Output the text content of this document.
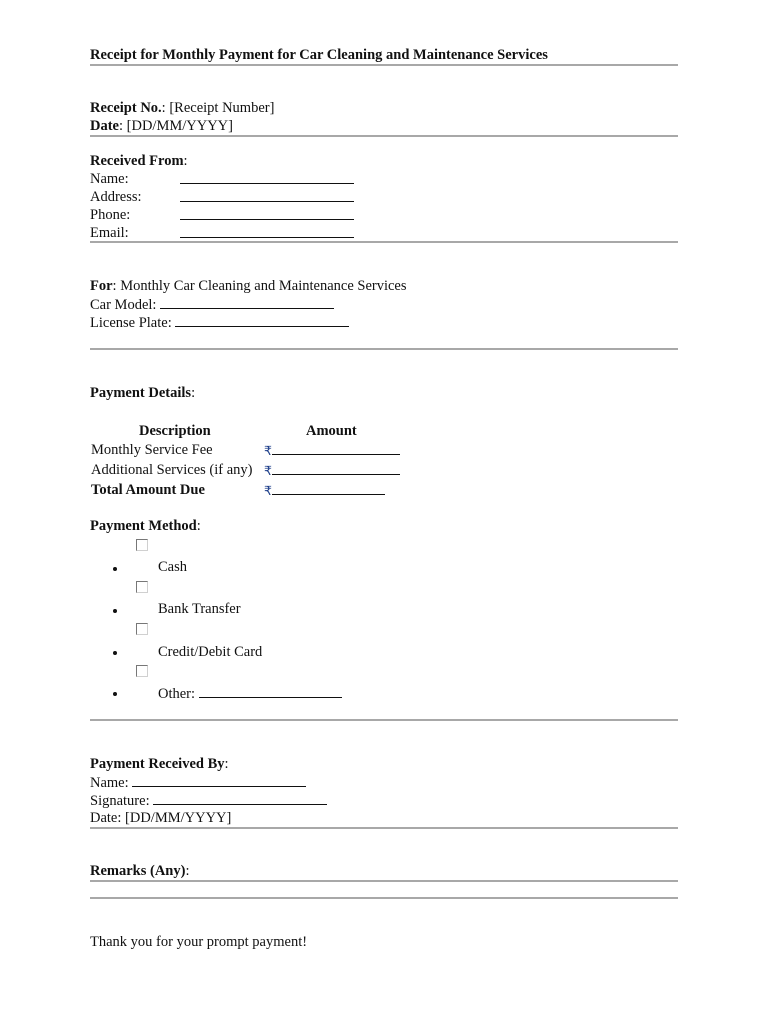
Receipt for Monthly Payment for Car Cleaning and Maintenance Services
Receipt No.: [Receipt Number]
Date: [DD/MM/YYYY]
Received From:
Name:
Address:
Phone:
Email:
For: Monthly Car Cleaning and Maintenance Services
Car Model:
License Plate:
Payment Details:
Description	Amount
Monthly Service Fee	₹
Additional Services (if any) ₹
Total Amount Due	₹
Payment Method:
Cash
Bank Transfer
Credit/Debit Card
Other:
Payment Received By:
Name:
Signature:
Date: [DD/MM/YYYY]
Remarks (Any):
Thank you for your prompt payment!
